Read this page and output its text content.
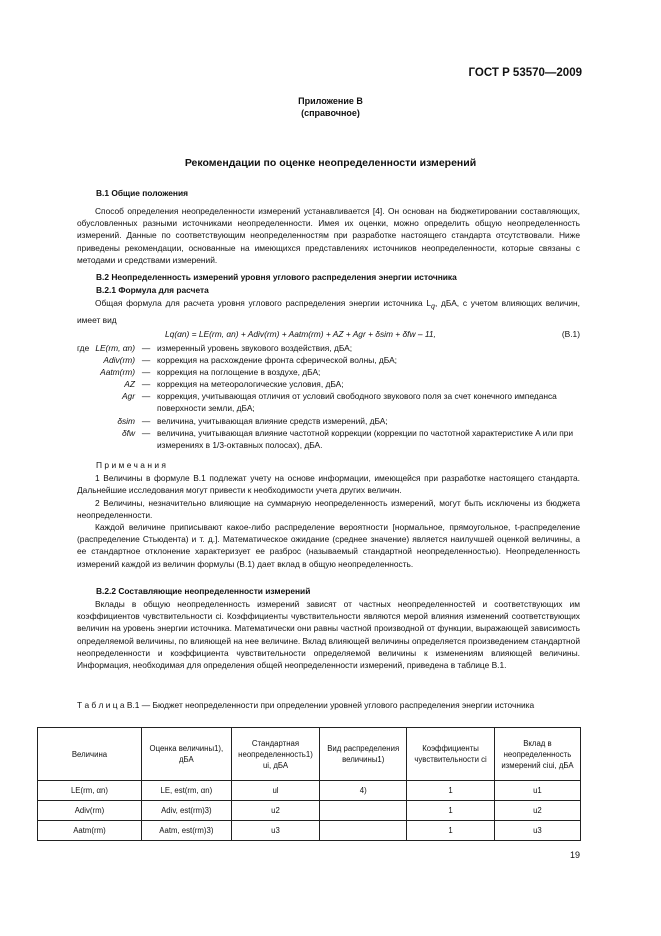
ГОСТ Р 53570—2009
Приложение В
(справочное)
Рекомендации по оценке неопределенности измерений
В.1 Общие положения
Способ определения неопределенности измерений устанавливается [4]. Он основан на бюджетировании составляющих, обусловленных разными источниками неопределенности. Имея их оценки, можно определить общую неопределенность измерений. Данные по соответствующим неопределенностям при разработке настоящего стандарта отсутствовали. Ниже приведены рекомендации, основанные на имеющихся представлениях источников неопределенности, которые связаны с методами и средствами измерений.
В.2 Неопределенность измерений уровня углового распределения энергии источника
В.2.1 Формула для расчета
Общая формула для расчета уровня углового распределения энергии источника $L_q$, дБА, с учетом влияющих величин, имеет вид
Lq(αn) = LE(rm, αn) + Adiv(rm) + Aatm(rm) + AZ + Agr + δsim + δfw – 11,	(В.1)
где LE(rm, αn) — измеренный уровень звукового воздействия, дБА;
Adiv(rm) — коррекция на расхождение фронта сферической волны, дБА;
Aatm(rm) — коррекция на поглощение в воздухе, дБА;
AZ — коррекция на метеорологические условия, дБА;
Agr — коррекция, учитывающая отличия от условий свободного звукового поля за счет конечного импеданса поверхности земли, дБА;
δsim — величина, учитывающая влияние средств измерений, дБА;
δfw — величина, учитывающая влияние частотной коррекции (коррекции по частотной характеристике A или при измерениях в 1/3-октавных полосах), дБА.
Примечания
1 Величины в формуле В.1 подлежат учету на основе информации, имеющейся при разработке настоящего стандарта. Дальнейшие исследования могут привести к необходимости учета других величин.
2 Величины, незначительно влияющие на суммарную неопределенность измерений, могут быть исключены из бюджета неопределенности.
Каждой величине приписывают какое-либо распределение вероятности [нормальное, прямоугольное, t-распределение (распределение Стьюдента) и т. д.]. Математическое ожидание (среднее значение) является наилучшей оценкой величины, а ее стандартное отклонение характеризует ее разброс (называемый стандартной неопределенностью). Неопределенность измерений каждой из величин формулы (В.1) дает вклад в общую неопределенность.
В.2.2 Составляющие неопределенности измерений
Вклады в общую неопределенность измерений зависят от частных неопределенностей и соответствующих им коэффициентов чувствительности ci. Коэффициенты чувствительности являются мерой влияния изменений соответствующих величин на уровень энергии источника. Математически они равны частной производной от функции, выражающей зависимость определяемой величины, по влияющей на нее величине. Вклад влияющей величины определяется произведением стандартной неопределенности и коэффициента чувствительности определяемой величины к изменениям влияющей величины. Информация, необходимая для определения общей неопределенности измерений, приведена в таблице В.1.
Т а б л и ц а В.1 — Бюджет неопределенности при определении уровней углового распределения энергии источника
Величина	Оценка величины1), дБА	Стандартная неопределенность1) ui, дБА	Вид распределения величины1)	Коэффициенты чувствительности ci	Вклад в неопределенность измерений ciui, дБА
LE(rm, αn)	LE, est(rm, αn)	ul	4)	1	u1
Adiv(rm)	Adiv, est(rm)3)	u2		1	u2
Aatm(rm)	Aatm, est(rm)3)	u3		1	u3
19
